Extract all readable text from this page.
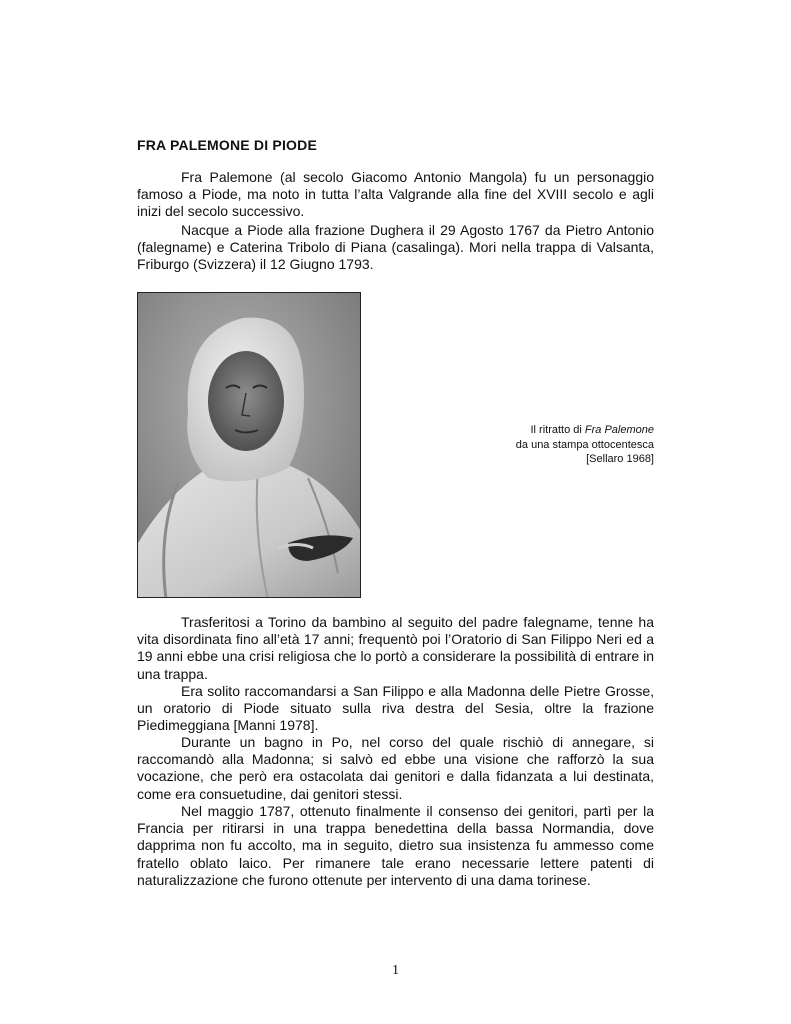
FRA PALEMONE DI PIODE

Fra Palemone (al secolo Giacomo Antonio Mangola) fu un personaggio famoso a Piode, ma noto in tutta l’alta Valgrande alla fine del XVIII secolo e agli inizi del secolo successivo.

Nacque a Piode alla frazione Dughera il 29 Agosto 1767 da Pietro Antonio (falegname) e Caterina Tribolo di Piana (casalinga). Mori nella trappa di Valsanta, Friburgo (Svizzera) il 12 Giugno 1793.

Il ritratto di Fra Palemone
da una stampa ottocentesca
[Sellaro 1968]

Trasferitosi a Torino da bambino al seguito del padre falegname, tenne ha vita disordinata fino all’età 17 anni; frequentò poi l’Oratorio di San Filippo Neri ed a 19 anni ebbe una crisi religiosa che lo portò a considerare la possibilità di entrare in una trappa.

Era solito raccomandarsi a San Filippo e alla Madonna delle Pietre Grosse, un oratorio di Piode situato sulla riva destra del Sesia, oltre la frazione Piedimeggiana [Manni 1978].

Durante un bagno in Po, nel corso del quale rischiò di annegare, si raccomandò alla Madonna; si salvò ed ebbe una visione che rafforzò la sua vocazione, che però era ostacolata dai genitori e dalla fidanzata a lui destinata, come era consuetudine, dai genitori stessi.

Nel maggio 1787, ottenuto finalmente il consenso dei genitori, partì per la Francia per ritirarsi in una trappa benedettina della bassa Normandia, dove dapprima non fu accolto, ma in seguito, dietro sua insistenza fu ammesso come fratello oblato laico. Per rimanere tale erano necessarie lettere patenti di naturalizzazione che furono ottenute per intervento di una dama torinese.

1
